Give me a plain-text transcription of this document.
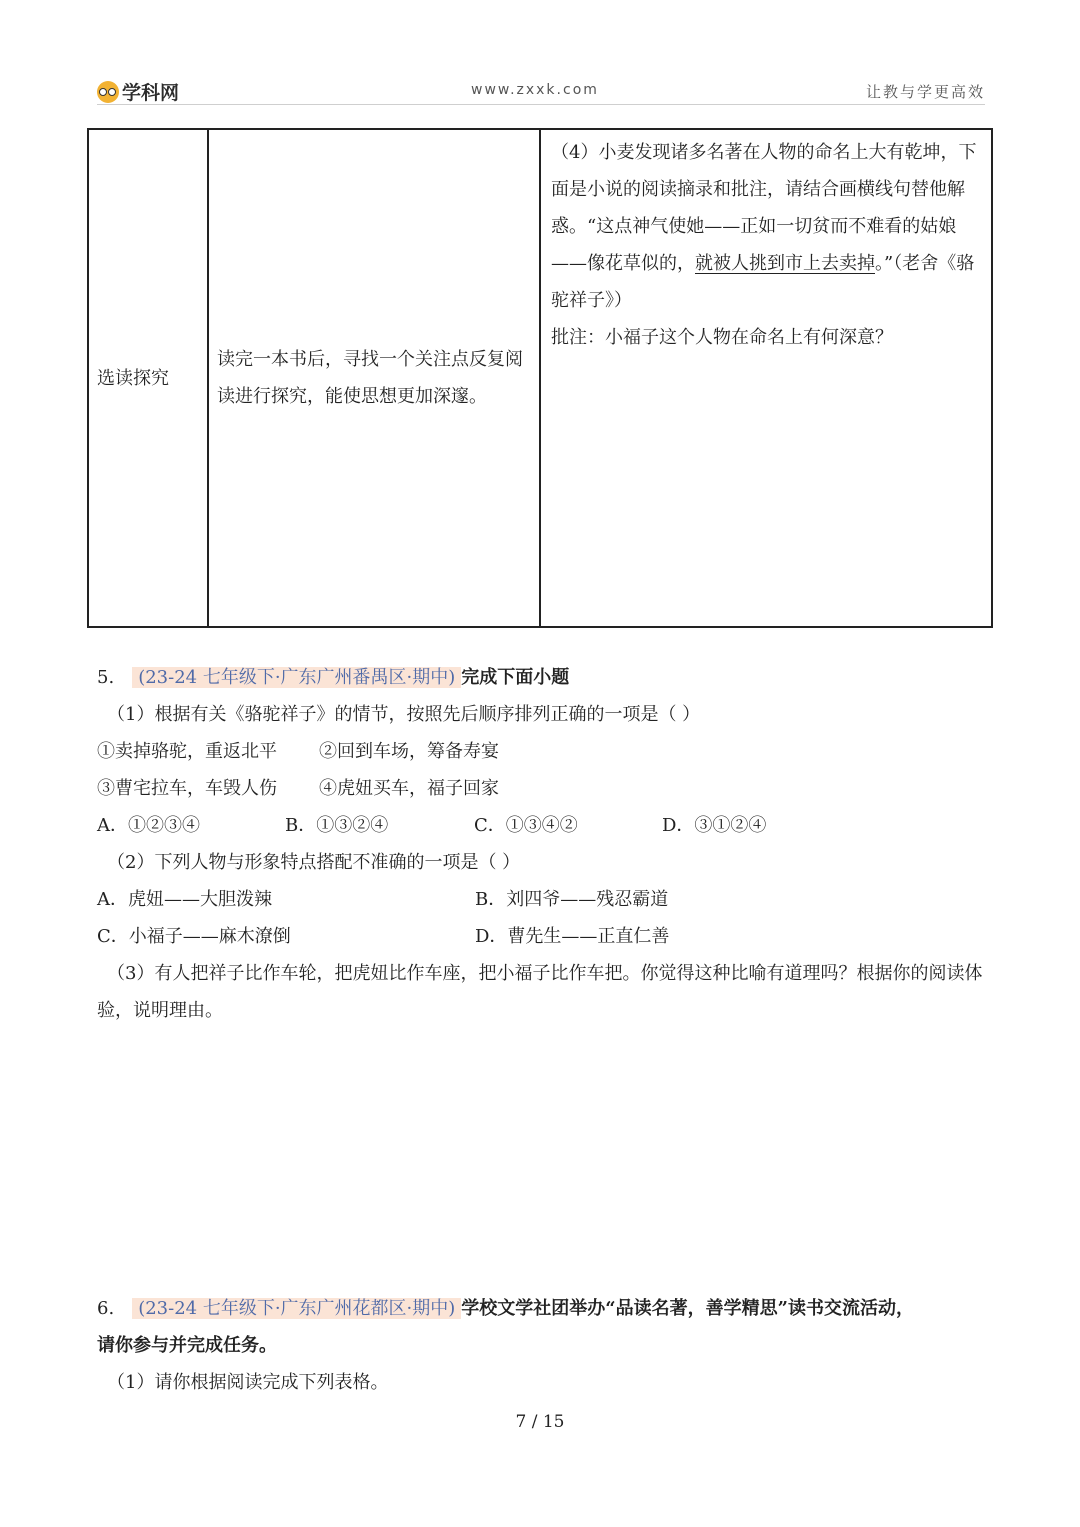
学科网	www.zxxk.com	让教与学更高效
选读探究	读完一本书后，寻找一个关注点反复阅读进行探究，能使思想更加深邃。	（4）小麦发现诸多名著在人物的命名上大有乾坤，下面是小说的阅读摘录和批注，请结合画横线句替他解惑。“这点神气使她——正如一切贫而不难看的姑娘——像花草似的，就被人挑到市上去卖掉。”（老舍《骆驼祥子》）
批注：小福子这个人物在命名上有何深意？
5. (23-24 七年级下·广东广州番禺区·期中) 完成下面小题
（1）根据有关《骆驼祥子》的情节，按照先后顺序排列正确的一项是（ ）
①卖掉骆驼，重返北平	②回到车场，筹备寿宴
③曹宅拉车，车毁人伤	④虎妞买车，福子回家
A．①②③④	B．①③②④	C．①③④②	D．③①②④
（2）下列人物与形象特点搭配不准确的一项是（ ）
A．虎妞——大胆泼辣	B．刘四爷——残忍霸道
C．小福子——麻木潦倒	D．曹先生——正直仁善
（3）有人把祥子比作车轮，把虎妞比作车座，把小福子比作车把。你觉得这种比喻有道理吗？根据你的阅读体验，说明理由。
6. (23-24 七年级下·广东广州花都区·期中) 学校文学社团举办“品读名著，善学精思”读书交流活动，
请你参与并完成任务。
（1）请你根据阅读完成下列表格。
7 / 15
